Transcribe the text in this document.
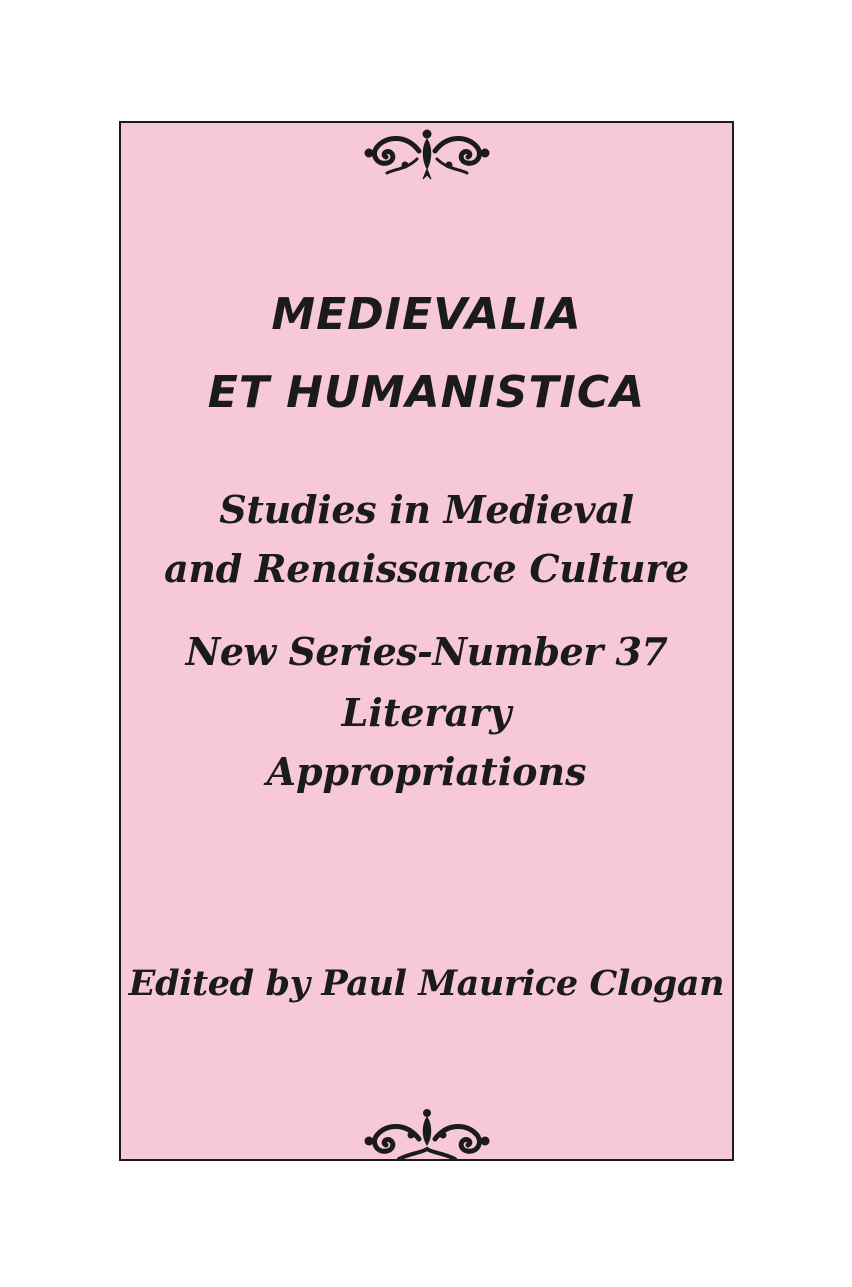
MEDIEVALIA
ET HUMANISTICA
Studies in Medieval
and Renaissance Culture
New Series-Number 37
Literary
Appropriations
Edited by Paul Maurice Clogan
